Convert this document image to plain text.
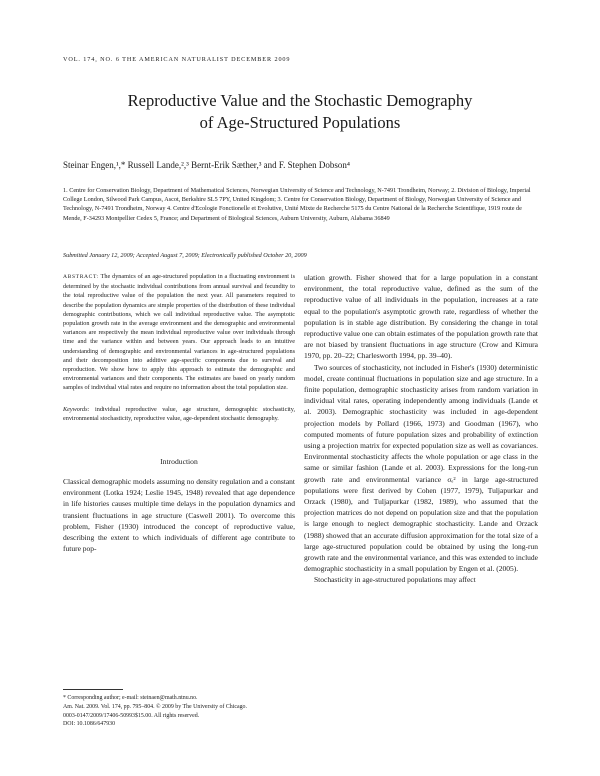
VOL. 174, NO. 6 THE AMERICAN NATURALIST DECEMBER 2009
Reproductive Value and the Stochastic Demography
of Age-Structured Populations
Steinar Engen,¹,* Russell Lande,²,³ Bernt-Erik Sæther,³ and F. Stephen Dobson⁴
1. Centre for Conservation Biology, Department of Mathematical Sciences, Norwegian University of Science and Technology, N-7491 Trondheim, Norway; 2. Division of Biology, Imperial College London, Silwood Park Campus, Ascot, Berkshire SL5 7PY, United Kingdom; 3. Centre for Conservation Biology, Department of Biology, Norwegian University of Science and Technology, N-7491 Trondheim, Norway 4. Centre d'Ecologie Fonctionelle et Evolutive, Unité Mixte de Recherche 5175 du Centre National de la Recherche Scientifique, 1919 route de Mende, F-34293 Montpellier Cedex 5, France; and Department of Biological Sciences, Auburn University, Auburn, Alabama 36849
Submitted January 12, 2009; Accepted August 7, 2009; Electronically published October 20, 2009
ABSTRACT: The dynamics of an age-structured population in a fluctuating environment is determined by the stochastic individual contributions from annual survival and fecundity to the total reproductive value of the population the next year. All parameters required to describe the population dynamics are simple properties of the distribution of these individual demographic contributions, which we call individual reproductive value. The asymptotic population growth rate in the average environment and the demographic and environmental variances are respectively the mean individual reproductive value over individuals through time and the variance within and between years. Our approach leads to an intuitive understanding of demographic and environmental variances in age-structured populations and their decomposition into additive age-specific components due to survival and reproduction. We show how to apply this approach to estimate the demographic and environmental variances and their components. The estimates are based on yearly random samples of individual vital rates and require no information about the total population size.
Keywords: individual reproductive value, age structure, demographic stochasticity, environmental stochasticity, reproductive value, age-dependent stochastic demography.
Introduction

Classical demographic models assuming no density regulation and a constant environment (Lotka 1924; Leslie 1945, 1948) revealed that age dependence in life histories causes multiple time delays in the population dynamics and transient fluctuations in age structure (Caswell 2001). To overcome this problem, Fisher (1930) introduced the concept of reproductive value, describing the extent to which individuals of different age contribute to future pop-

* Corresponding author; e-mail: steinaen@math.ntnu.no.
Am. Nat. 2009. Vol. 174, pp. 795–804. © 2009 by The University of Chicago.
0003-0147/2009/17406-50993$15.00. All rights reserved.
DOI: 10.1086/647930

ulation growth. Fisher showed that for a large population in a constant environment, the total reproductive value, defined as the sum of the reproductive value of all individuals in the population, increases at a rate equal to the population's asymptotic growth rate, regardless of whether the population is in stable age distribution. By considering the change in total reproductive value one can obtain estimates of the population growth rate that are not biased by transient fluctuations in age structure (Crow and Kimura 1970, pp. 20–22; Charlesworth 1994, pp. 39–40).

Two sources of stochasticity, not included in Fisher's (1930) deterministic model, create continual fluctuations in population size and age structure. In a finite population, demographic stochasticity arises from random variation in individual vital rates, operating independently among individuals (Lande et al. 2003). Demographic stochasticity was included in age-dependent projection models by Pollard (1966, 1973) and Goodman (1967), who computed moments of future population sizes and probability of extinction using a projection matrix for expected population size as well as covariances. Environmental stochasticity affects the whole population or age class in the same or similar fashion (Lande et al. 2003). Expressions for the long-run growth rate and environmental variance σₑ² in large age-structured populations were first derived by Cohen (1977, 1979), Tuljapurkar and Orzack (1980), and Tuljapurkar (1982, 1989), who assumed that the projection matrices do not depend on population size and that the population is large enough to neglect demographic stochasticity. Lande and Orzack (1988) showed that an accurate diffusion approximation for the total size of a large age-structured population could be obtained by using the long-run growth rate and the environmental variance, and this was extended to include demographic stochasticity in a small population by Engen et al. (2005).

Stochasticity in age-structured populations may affect
